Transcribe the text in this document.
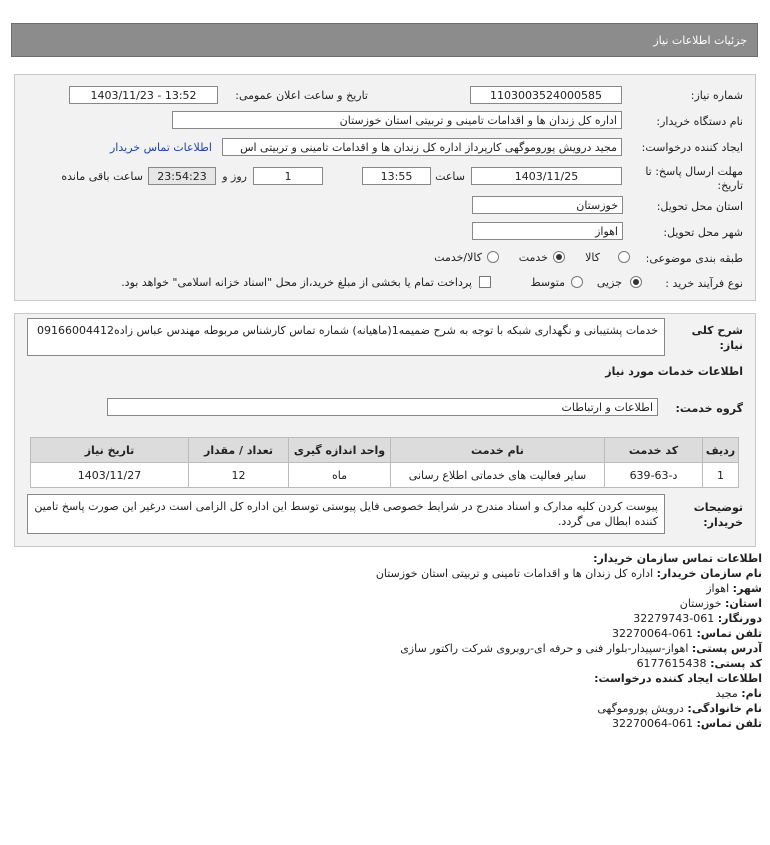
جزئیات اطلاعات نیاز
شماره نیاز:
1103003524000585
تاریخ و ساعت اعلان عمومی:
1403/11/23 - 13:52
نام دستگاه خریدار:
اداره کل زندان ها و اقدامات تامینی و تربیتی استان خوزستان
ایجاد کننده درخواست:
مجید درویش پوروموگهی کارپرداز اداره کل زندان ها و اقدامات تامینی و تربیتی اس
اطلاعات تماس خریدار
مهلت ارسال پاسخ: تا
تاریخ:
1403/11/25
ساعت
13:55
1
روز و
23:54:23
ساعت باقی مانده
استان محل تحویل:
خوزستان
شهر محل تحویل:
اهواز
طبقه بندی موضوعی:
کالا
خدمت
کالا/خدمت
نوع فرآیند خرید :
جزیی
متوسط
پرداخت تمام یا بخشی از مبلغ خرید،از محل "اسناد خزانه اسلامی" خواهد بود.
شرح کلی
نیاز:
خدمات پشتیبانی و نگهداری شبکه با توجه به شرح ضمیمه1(ماهیانه) شماره تماس کارشناس مربوطه مهندس عباس زاده09166004412
اطلاعات خدمات مورد نیاز
گروه خدمت:
اطلاعات و ارتباطات
ردیف	کد خدمت	نام خدمت	واحد اندازه گیری	تعداد / مقدار	تاریخ نیاز
1	د-63-639	سایر فعالیت های خدماتی اطلاع رسانی	ماه	12	1403/11/27
توضیحات
خریدار:
پیوست کردن کلیه مدارک و اسناد مندرج در شرایط خصوصی فایل پیوستی توسط این اداره کل الزامی است درغیر این صورت پاسخ تامین کننده ابطال می گردد.
اطلاعات تماس سازمان خریدار:
نام سازمان خریدار: اداره کل زندان ها و اقدامات تامینی و تربیتی استان خوزستان
شهر: اهواز
استان: خوزستان
دورنگار: 061-32279743
تلفن تماس: 061-32270064
آدرس پستی: اهواز-سپیدار-بلوار فنی و حرفه ای-روبروی شرکت راکتور سازی
کد پستی: 6177615438
اطلاعات ایجاد کننده درخواست:
نام: مجید
نام خانوادگی: درویش پوروموگهی
تلفن تماس: 061-32270064
